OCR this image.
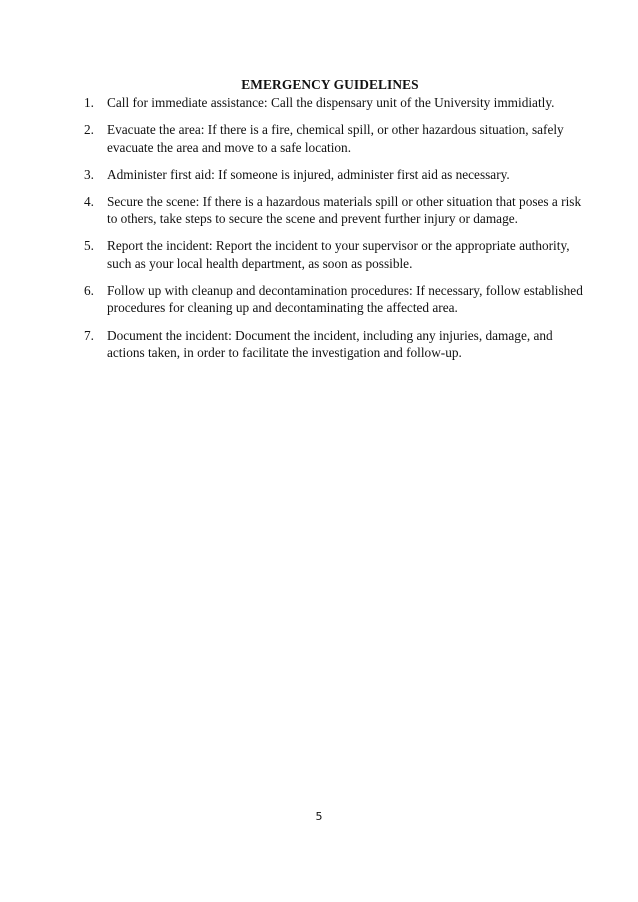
EMERGENCY GUIDELINES
1. Call for immediate assistance: Call the dispensary unit of the University immidiatly.
2. Evacuate the area: If there is a fire, chemical spill, or other hazardous situation, safely evacuate the area and move to a safe location.
3. Administer first aid: If someone is injured, administer first aid as necessary.
4. Secure the scene: If there is a hazardous materials spill or other situation that poses a risk to others, take steps to secure the scene and prevent further injury or damage.
5. Report the incident: Report the incident to your supervisor or the appropriate authority, such as your local health department, as soon as possible.
6. Follow up with cleanup and decontamination procedures: If necessary, follow established procedures for cleaning up and decontaminating the affected area.
7. Document the incident: Document the incident, including any injuries, damage, and actions taken, in order to facilitate the investigation and follow-up.
5
